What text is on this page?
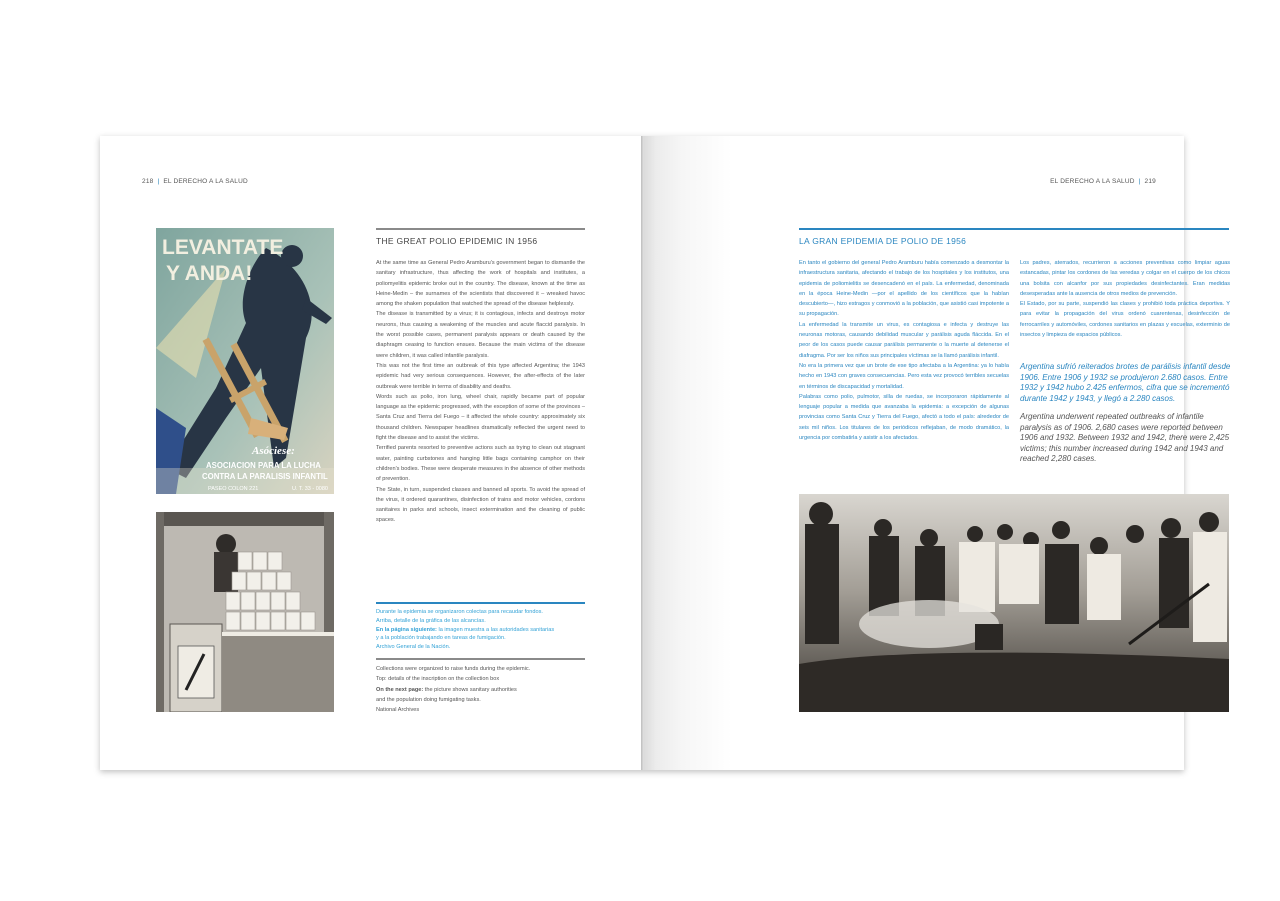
218 | EL DERECHO A LA SALUD
LEVANTATE
Y ANDA!
Asóciese:
ASOCIACION PARA LA LUCHA
CONTRA LA PARALISIS INFANTIL
PASEO COLON 221	U. T. 33 - 0080
THE GREAT POLIO EPIDEMIC IN 1956

At the same time as General Pedro Aramburu's government began to dismantle the sanitary infrastructure, thus affecting the work of hospitals and institutes, a poliomyelitis epidemic broke out in the country. The disease, known at the time as Heine-Medin – the surnames of the scientists that discovered it – wreaked havoc among the shaken population that watched the spread of the disease helplessly.

The disease is transmitted by a virus; it is contagious, infects and destroys motor neurons, thus causing a weakening of the muscles and acute flaccid paralysis. In the worst possible cases, permanent paralysis appears or death caused by the diaphragm ceasing to function ensues. Because the main victims of the disease were children, it was called infantile paralysis.

This was not the first time an outbreak of this type affected Argentina; the 1943 epidemic had very serious consequences. However, the after-effects of the later outbreak were terrible in terms of disability and deaths.

Words such as polio, iron lung, wheel chair, rapidly became part of popular language as the epidemic progressed, with the exception of some of the provinces – Santa Cruz and Tierra del Fuego – it affected the whole country: approximately six thousand children. Newspaper headlines dramatically reflected the urgent need to fight the disease and to assist the victims.

Terrified parents resorted to preventive actions such as trying to clean out stagnant water, painting curbstones and hanging little bags containing camphor on their children's bodies. These were desperate measures in the absence of other methods of prevention.

The State, in turn, suspended classes and banned all sports. To avoid the spread of the virus, it ordered quarantines, disinfection of trains and motor vehicles, cordons sanitaires in parks and schools, insect extermination and the cleaning of public spaces.

Durante la epidemia se organizaron colectas para recaudar fondos.
Arriba, detalle de la gráfica de las alcancías.
En la página siguiente: la imagen muestra a las autoridades sanitarias
y a la población trabajando en tareas de fumigación.
Archivo General de la Nación.
Collections were organized to raise funds during the epidemic.
Top: details of the inscription on the collection box
On the next page: the picture shows sanitary authorities
and the population doing fumigating tasks.
National Archives
EL DERECHO A LA SALUD | 219
LA GRAN EPIDEMIA DE POLIO DE 1956

En tanto el gobierno del general Pedro Aramburu había comenzado a desmontar la infraestructura sanitaria, afectando el trabajo de los hospitales y los institutos, una epidemia de poliomielitis se desencadenó en el país. La enfermedad, denominada en la época Heine-Medin —por el apellido de los científicos que la habían descubierto—, hizo estragos y conmovió a la población, que asistió casi impotente a su propagación.

La enfermedad la transmite un virus, es contagiosa e infecta y destruye las neuronas motoras, causando debilidad muscular y parálisis aguda fláccida. En el peor de los casos puede causar parálisis permanente o la muerte al detenerse el diafragma. Por ser los niños sus principales víctimas se la llamó parálisis infantil.

No era la primera vez que un brote de ese tipo afectaba a la Argentina: ya lo había hecho en 1943 con graves consecuencias. Pero esta vez provocó terribles secuelas en términos de discapacidad y mortalidad.

Palabras como polio, pulmotor, silla de ruedas, se incorporaron rápidamente al lenguaje popular a medida que avanzaba la epidemia: a excepción de algunas provincias como Santa Cruz y Tierra del Fuego, afectó a todo el país: alrededor de seis mil niños. Los titulares de los periódicos reflejaban, de modo dramático, la urgencia por combatirla y asistir a los afectados.

Los padres, aterrados, recurrieron a acciones preventivas como limpiar aguas estancadas, pintar los cordones de las veredas y colgar en el cuerpo de los chicos una bolsita con alcanfor por sus propiedades desinfectantes. Eran medidas desesperadas ante la ausencia de otros medios de prevención.

El Estado, por su parte, suspendió las clases y prohibió toda práctica deportiva. Y para evitar la propagación del virus ordenó cuarentenas, desinfección de ferrocarriles y automóviles, cordones sanitarios en plazas y escuelas, exterminio de insectos y limpieza de espacios públicos.

Argentina sufrió reiterados brotes de parálisis infantil desde 1906. Entre 1906 y 1932 se produjeron 2.680 casos. Entre 1932 y 1942 hubo 2.425 enfermos, cifra que se incrementó durante 1942 y 1943, y llegó a 2.280 casos.
Argentina underwent repeated outbreaks of infantile paralysis as of 1906. 2,680 cases were reported between 1906 and 1932. Between 1932 and 1942, there were 2,425 victims; this number increased during 1942 and 1943 and reached 2,280 cases.
